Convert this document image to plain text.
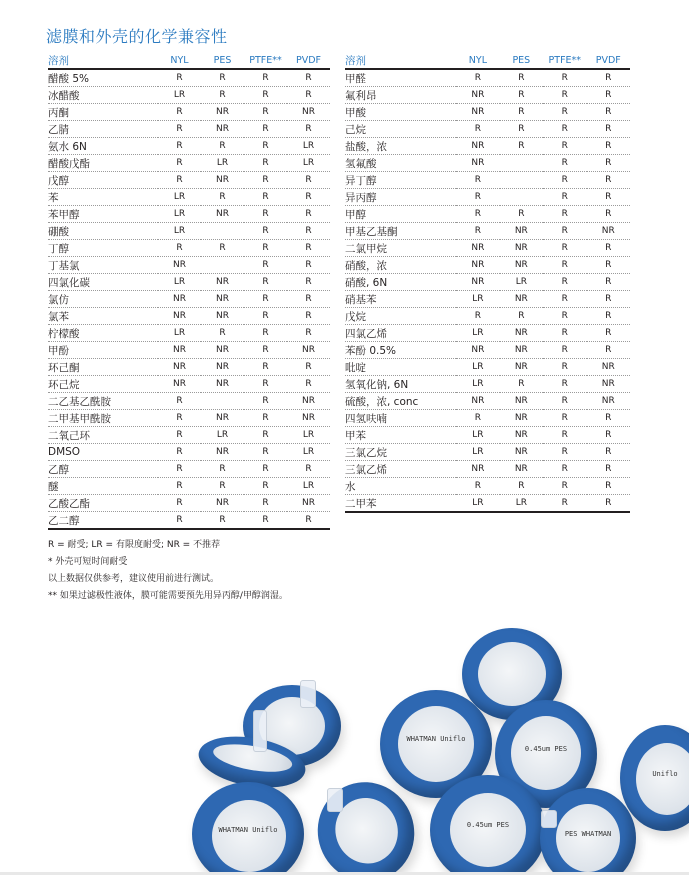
滤膜和外壳的化学兼容性
溶剂	NYL	PES	PTFE**	PVDF
醋酸 5%	R	R	R	R
冰醋酸	LR	R	R	R
丙酮	R	NR	R	NR
乙腈	R	NR	R	R
氨水 6N	R	R	R	LR
醋酸戊酯	R	LR	R	LR
戊醇	R	NR	R	R
苯	LR	R	R	R
苯甲醇	LR	NR	R	R
硼酸	LR		R	R
丁醇	R	R	R	R
丁基氯	NR		R	R
四氯化碳	LR	NR	R	R
氯仿	NR	NR	R	R
氯苯	NR	NR	R	R
柠檬酸	LR	R	R	R
甲酚	NR	NR	R	NR
环己酮	NR	NR	R	R
环己烷	NR	NR	R	R
二乙基乙酰胺	R		R	NR
二甲基甲酰胺	R	NR	R	NR
二氧己环	R	LR	R	LR
DMSO	R	NR	R	LR
乙醇	R	R	R	R
醚	R	R	R	LR
乙酸乙酯	R	NR	R	NR
乙二醇	R	R	R	R
溶剂	NYL	PES	PTFE**	PVDF
甲醛	R	R	R	R
氟利昂	NR	R	R	R
甲酸	NR	R	R	R
己烷	R	R	R	R
盐酸，浓	NR	R	R	R
氢氟酸	NR		R	R
异丁醇	R		R	R
异丙醇	R		R	R
甲醇	R	R	R	R
甲基乙基酮	R	NR	R	NR
二氯甲烷	NR	NR	R	R
硝酸，浓	NR	NR	R	R
硝酸, 6N	NR	LR	R	R
硝基苯	LR	NR	R	R
戊烷	R	R	R	R
四氯乙烯	LR	NR	R	R
苯酚 0.5%	NR	NR	R	R
吡啶	LR	NR	R	NR
氢氧化钠, 6N	LR	R	R	NR
硫酸，浓, conc	NR	NR	R	NR
四氢呋喃	R	NR	R	R
甲苯	LR	NR	R	R
三氯乙烷	LR	NR	R	R
三氯乙烯	NR	NR	R	R
水	R	R	R	R
二甲苯	LR	LR	R	R
R = 耐受; LR = 有限度耐受; NR = 不推荐
* 外壳可短时间耐受
以上数据仅供参考，建议使用前进行测试。
** 如果过滤极性液体，膜可能需要预先用异丙醇/甲醇润湿。
WHATMAN Uniflo
0.45um PES
Uniflo
WHATMAN Uniflo
0.45um PES
PES WHATMAN
